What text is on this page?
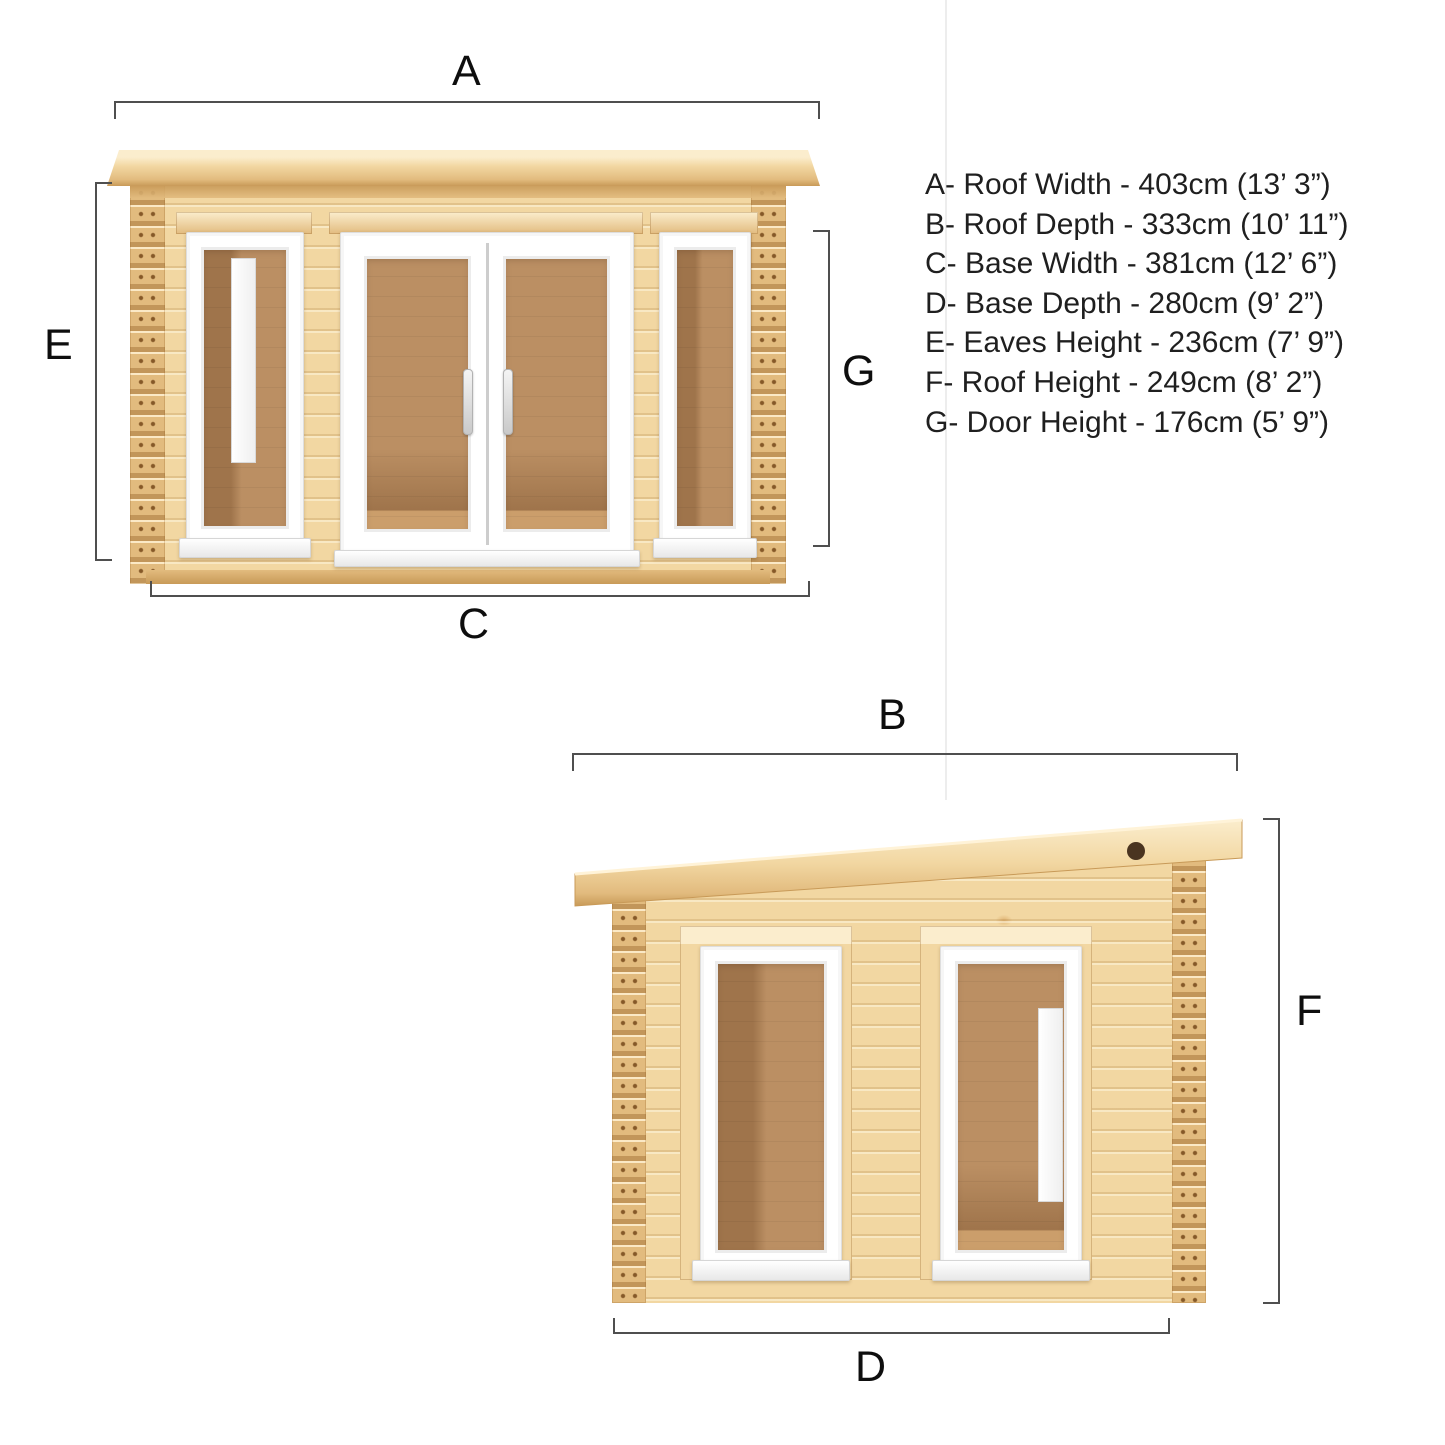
A
E
G
C
B
F
D
A- Roof Width - 403cm (13’ 3”)
B- Roof Depth - 333cm (10’ 11”)
C- Base Width - 381cm (12’ 6”)
D- Base Depth - 280cm (9’ 2”)
E- Eaves Height - 236cm (7’ 9”)
F- Roof Height - 249cm (8’ 2”)
G- Door Height - 176cm (5’ 9”)
